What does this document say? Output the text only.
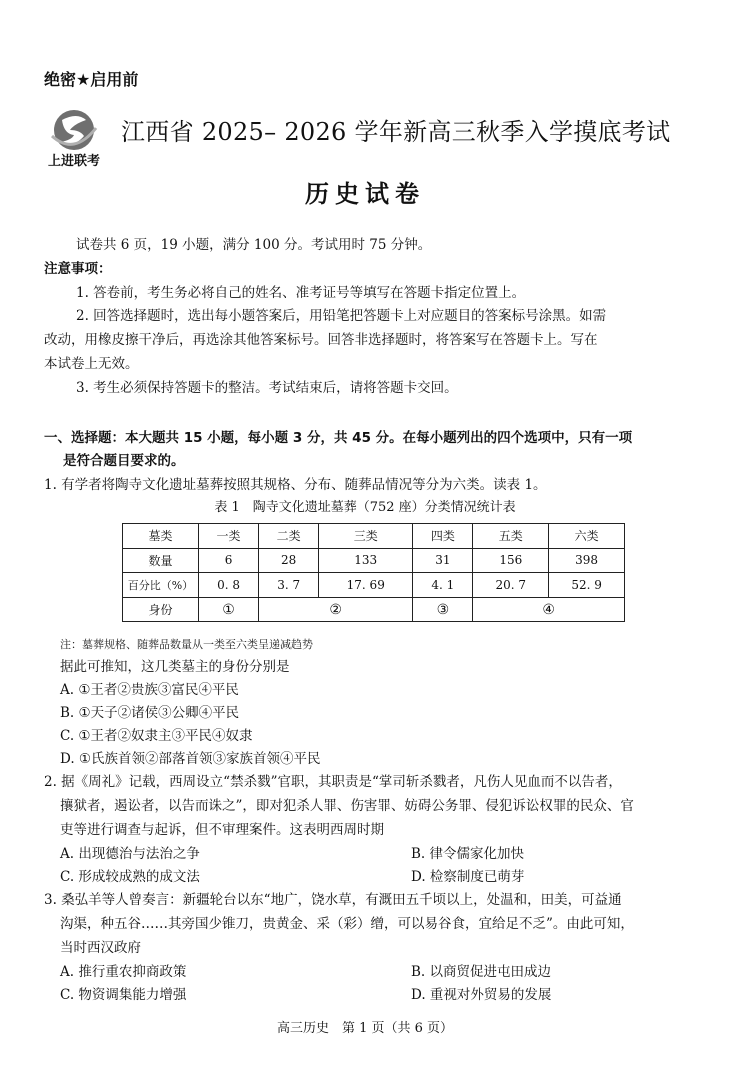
绝密★启用前
上进联考
江西省 2025– 2026 学年新高三秋季入学摸底考试
历史试卷
试卷共 6 页，19 小题，满分 100 分。考试用时 75 分钟。
注意事项：
1. 答卷前，考生务必将自己的姓名、准考证号等填写在答题卡指定位置上。
2. 回答选择题时，选出每小题答案后，用铅笔把答题卡上对应题目的答案标号涂黑。如需
改动，用橡皮擦干净后，再选涂其他答案标号。回答非选择题时，将答案写在答题卡上。写在
本试卷上无效。
3. 考生必须保持答题卡的整洁。考试结束后，请将答题卡交回。
一、选择题：本大题共 15 小题，每小题 3 分，共 45 分。在每小题列出的四个选项中，只有一项
是符合题目要求的。
1. 有学者将陶寺文化遗址墓葬按照其规格、分布、随葬品情况等分为六类。读表 1。
表 1　陶寺文化遗址墓葬（752 座）分类情况统计表
墓类	一类	二类	三类	四类	五类	六类
数量	6	28	133	31	156	398
百分比（%）	0. 8	3. 7	17. 69	4. 1	20. 7	52. 9
身份	①	②		③	④	
注：墓葬规格、随葬品数量从一类至六类呈递减趋势
据此可推知，这几类墓主的身份分别是
A. ①王者②贵族③富民④平民
B. ①天子②诸侯③公卿④平民
C. ①王者②奴隶主③平民④奴隶
D. ①氏族首领②部落首领③家族首领④平民
2. 据《周礼》记载，西周设立“禁杀戮”官职，其职责是“掌司斩杀戮者，凡伤人见血而不以告者，
攘狱者，遏讼者，以告而诛之”，即对犯杀人罪、伤害罪、妨碍公务罪、侵犯诉讼权罪的民众、官
吏等进行调查与起诉，但不审理案件。这表明西周时期
A. 出现德治与法治之争	B. 律令儒家化加快
C. 形成较成熟的成文法	D. 检察制度已萌芽
3. 桑弘羊等人曾奏言：新疆轮台以东“地广，饶水草，有溉田五千顷以上，处温和，田美，可益通
沟渠，种五谷……其旁国少锥刀，贵黄金、采（彩）缯，可以易谷食，宜给足不乏”。由此可知，
当时西汉政府
A. 推行重农抑商政策	B. 以商贸促进屯田成边
C. 物资调集能力增强	D. 重视对外贸易的发展
高三历史　第 1 页（共 6 页）
